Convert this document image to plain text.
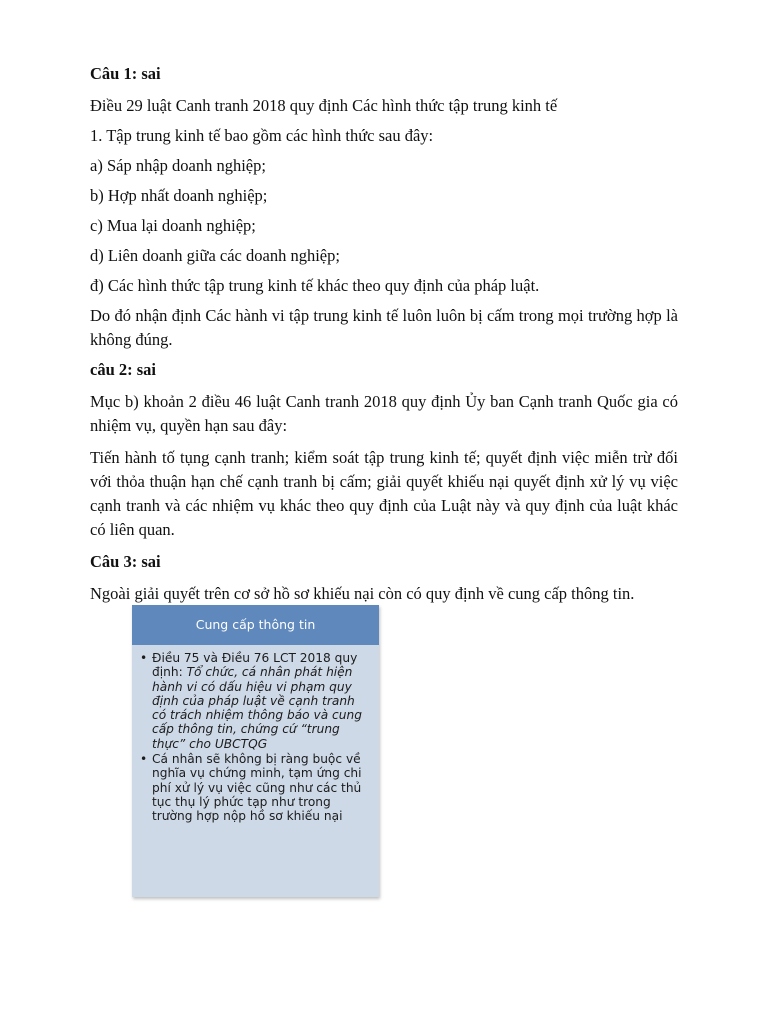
Câu 1: sai

Điều 29 luật Canh tranh 2018 quy định Các hình thức tập trung kinh tế

1. Tập trung kinh tế bao gồm các hình thức sau đây:

a) Sáp nhập doanh nghiệp;

b) Hợp nhất doanh nghiệp;

c) Mua lại doanh nghiệp;

d) Liên doanh giữa các doanh nghiệp;

đ) Các hình thức tập trung kinh tế khác theo quy định của pháp luật.

Do đó nhận định Các hành vi tập trung kinh tế luôn luôn bị cấm trong mọi trường hợp là không đúng.

câu 2: sai

Mục b) khoản 2 điều 46 luật Canh tranh 2018 quy định Ủy ban Cạnh tranh Quốc gia có nhiệm vụ, quyền hạn sau đây:

Tiến hành tố tụng cạnh tranh; kiểm soát tập trung kinh tế; quyết định việc miễn trừ đối với thỏa thuận hạn chế cạnh tranh bị cấm; giải quyết khiếu nại quyết định xử lý vụ việc cạnh tranh và các nhiệm vụ khác theo quy định của Luật này và quy định của luật khác có liên quan.

Câu 3: sai

Ngoài giải quyết trên cơ sở hồ sơ khiếu nại còn có quy định về cung cấp thông tin.

Cung cấp thông tin
• Điều 75 và Điều 76 LCT 2018 quy định: Tổ chức, cá nhân phát hiện hành vi có dấu hiệu vi phạm quy định của pháp luật về cạnh tranh có trách nhiệm thông báo và cung cấp thông tin, chứng cứ “trung thực” cho UBCTQG
• Cá nhân sẽ không bị ràng buộc về nghĩa vụ chứng minh, tạm ứng chi phí xử lý vụ việc cũng như các thủ tục thụ lý phức tạp như trong trường hợp nộp hồ sơ khiếu nại
